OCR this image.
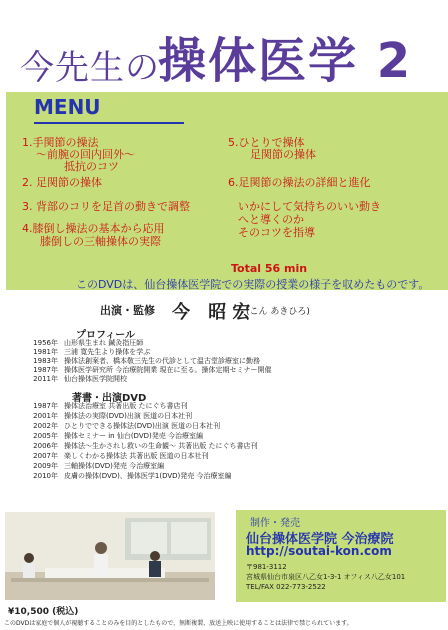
今先生の
操体医学 2
MENU
1.手関節の操法
～前腕の回内回外～
抵抗のコツ
2. 足関節の操体
3. 背部のコリを足首の動きで調整
4.膝倒し操法の基本から応用
膝倒しの三軸操体の実際
5.ひとりで操体
足関節の操体
6.足関節の操法の詳細と進化
いかにして気持ちのいい動き
へと導くのか
そのコツを指導
Total 56 min
このDVDは、仙台操体医学院での実際の授業の様子を収めたものです。
出演・監修 今 昭宏
(こん あきひろ)
プロフィール
1956年 山形県生まれ 鍼灸指圧師
1981年 三浦 寛先生より操体を学ぶ
1983年 操体法創案者、橋本敬三先生の代診として温古堂診療室に勤務
1987年 操体医学研究所 今治療院開業 現在に至る。操体定期セミナー開催
2011年 仙台操体医学院開校
著書・出演DVD
1987年 操体法治療室 共著出版 たにぐち書店刊
2001年 操体法の実際(DVD)出演 医道の日本社刊
2002年 ひとりでできる操体法(DVD)出演 医道の日本社刊
2005年 操体セミナー in 仙台(DVD)発売 今治療室編
2006年 操体法～生かされし救いの生命観～ 共著出版 たにぐち書店刊
2007年 楽しくわかる操体法 共著出版 医道の日本社刊
2009年 三軸操体(DVD)発売 今治療室編
2010年 皮膚の操体(DVD)、操体医学1(DVD)発売 今治療室編
制作・発売
仙台操体医学院 今治療院
http://soutai-kon.com
〒981-3112
宮城県仙台市泉区八乙女1-3-1 オフィス八乙女101
TEL/FAX 022-773-2522
¥10,500 (税込)
このDVDは家庭で個人が視聴することのみを目的としたもので、無断複製、放送上映に使用することは法律で禁じられています。
